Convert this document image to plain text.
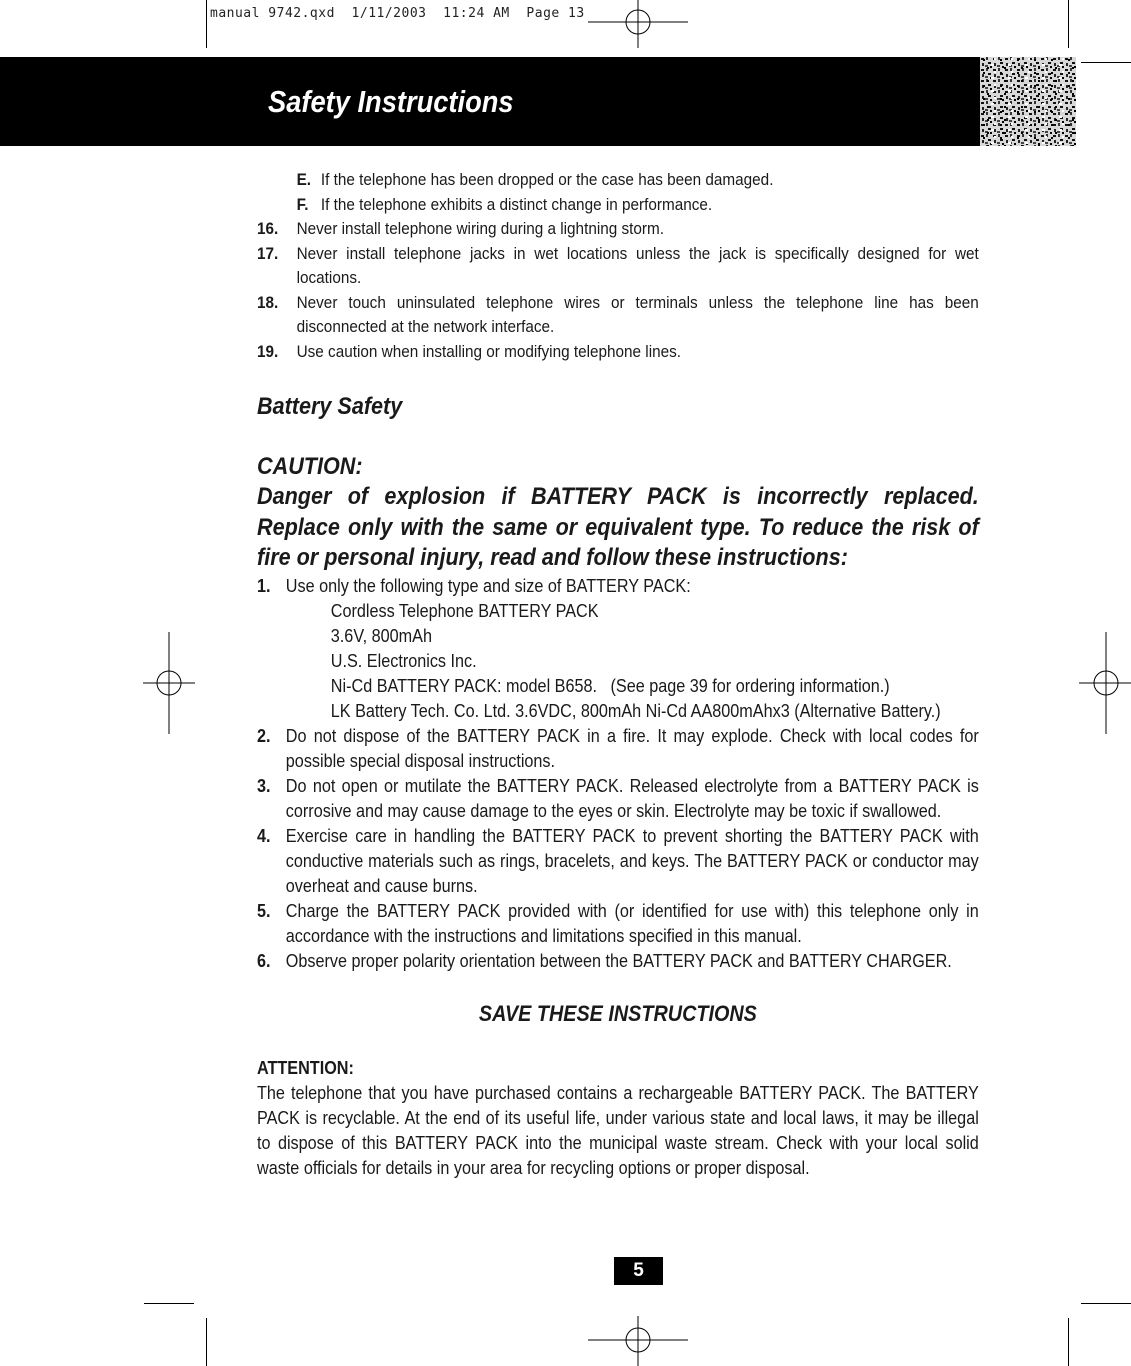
manual 9742.qxd  1/11/2003  11:24 AM  Page 13
Safety Instructions
E. If the telephone has been dropped or the case has been damaged.
F. If the telephone exhibits a distinct change in performance.
16.	Never install telephone wiring during a lightning storm.
17.	Never install telephone jacks in wet locations unless the jack is specifically designed for wet locations.
18.	Never touch uninsulated telephone wires or terminals unless the telephone line has been disconnected at the network interface.
19.	Use caution when installing or modifying telephone lines.
Battery Safety
CAUTION:
Danger of explosion if BATTERY PACK is incorrectly replaced. Replace only with the same or equivalent type. To reduce the risk of fire or personal injury, read and follow these instructions:
1. Use only the following type and size of BATTERY PACK:
Cordless Telephone BATTERY PACK
3.6V, 800mAh
U.S. Electronics Inc.
Ni-Cd BATTERY PACK: model B658.   (See page 39 for ordering information.)
LK Battery Tech. Co. Ltd. 3.6VDC, 800mAh Ni-Cd AA800mAhx3 (Alternative Battery.)
2. Do not dispose of the BATTERY PACK in a fire. It may explode. Check with local codes for possible special disposal instructions.
3. Do not open or mutilate the BATTERY PACK. Released electrolyte from a BATTERY PACK is corrosive and may cause damage to the eyes or skin. Electrolyte may be toxic if swallowed.
4. Exercise care in handling the BATTERY PACK to prevent shorting the BATTERY PACK with conductive materials such as rings, bracelets, and keys. The BATTERY PACK or conductor may overheat and cause burns.
5. Charge the BATTERY PACK provided with (or identified for use with) this telephone only in accordance with the instructions and limitations specified in this manual.
6. Observe proper polarity orientation between the BATTERY PACK and BATTERY CHARGER.
SAVE THESE INSTRUCTIONS
ATTENTION:
The telephone that you have purchased contains a rechargeable BATTERY PACK. The BATTERY PACK is recyclable. At the end of its useful life, under various state and local laws, it may be illegal to dispose of this BATTERY PACK into the municipal waste stream. Check with your local solid waste officials for details in your area for recycling options or proper disposal.
5
